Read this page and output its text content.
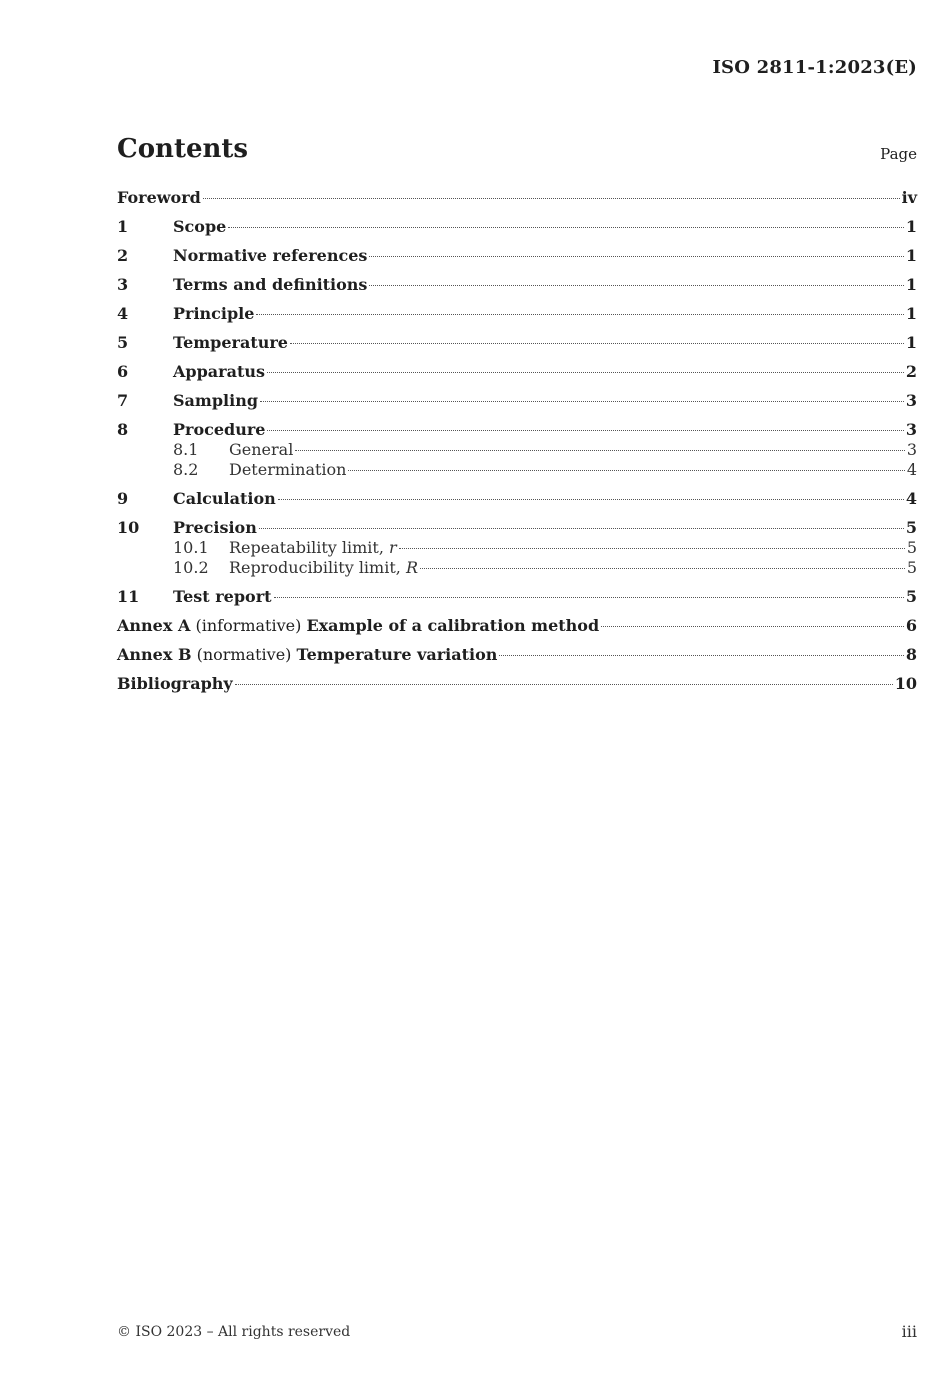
ISO 2811-1:2023(E)
Contents	Page
Foreword	iv
1	Scope	1
2	Normative references	1
3	Terms and definitions	1
4	Principle	1
5	Temperature	1
6	Apparatus	2
7	Sampling	3
8	Procedure	3
8.1	General	3
8.2	Determination	4
9	Calculation	4
10	Precision	5
10.1	Repeatability limit, r	5
10.2	Reproducibility limit, R	5
11	Test report	5
Annex A (informative) Example of a calibration method	6
Annex B (normative) Temperature variation	8
Bibliography	10
© ISO 2023 – All rights reserved	iii
